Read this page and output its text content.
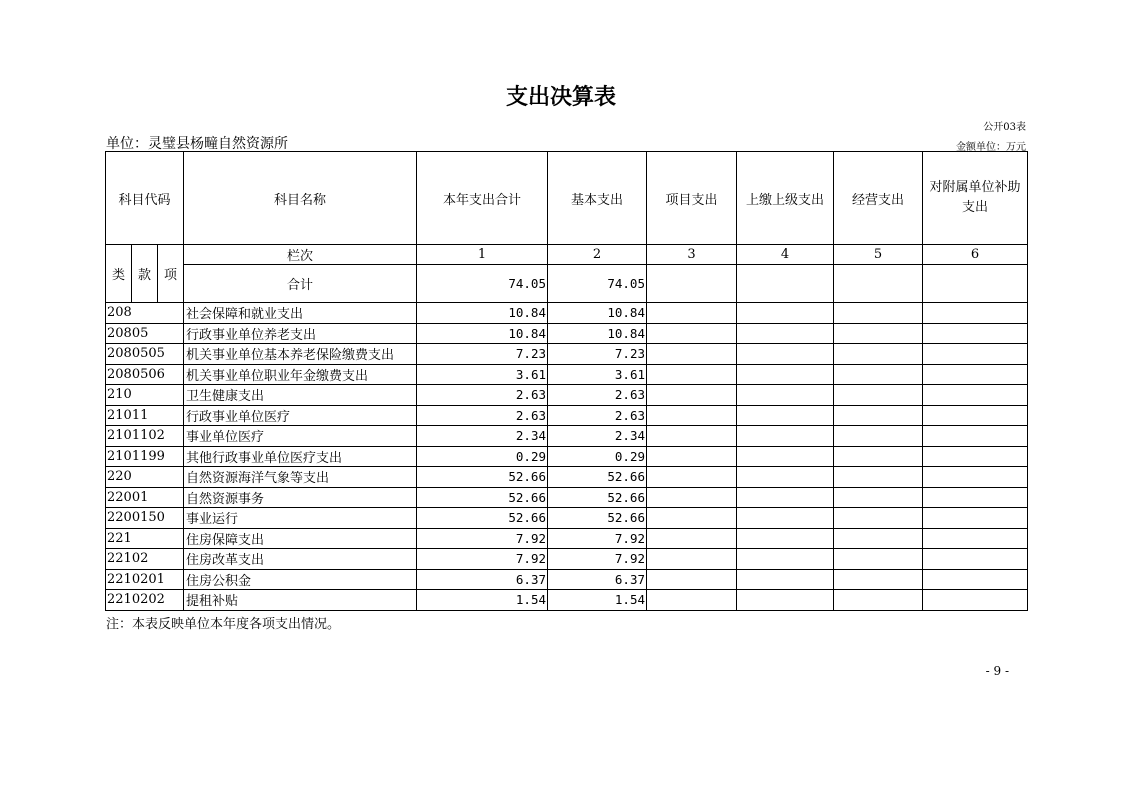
支出决算表
公开03表
单位：灵璧县杨疃自然资源所	金额单位：万元
科目代码			科目名称	本年支出合计	基本支出	项目支出	上缴上级支出	经营支出	对附属单位补助支出
类	款	项	栏次	1	2	3	4	5	6
			合计	74.05	74.05				
208			社会保障和就业支出	10.84	10.84				
20805			行政事业单位养老支出	10.84	10.84				
2080505			机关事业单位基本养老保险缴费支出	7.23	7.23				
2080506			机关事业单位职业年金缴费支出	3.61	3.61				
210			卫生健康支出	2.63	2.63				
21011			行政事业单位医疗	2.63	2.63				
2101102			事业单位医疗	2.34	2.34				
2101199			其他行政事业单位医疗支出	0.29	0.29				
220			自然资源海洋气象等支出	52.66	52.66				
22001			自然资源事务	52.66	52.66				
2200150			事业运行	52.66	52.66				
221			住房保障支出	7.92	7.92				
22102			住房改革支出	7.92	7.92				
2210201			住房公积金	6.37	6.37				
2210202			提租补贴	1.54	1.54				
注：本表反映单位本年度各项支出情况。
- 9 -
